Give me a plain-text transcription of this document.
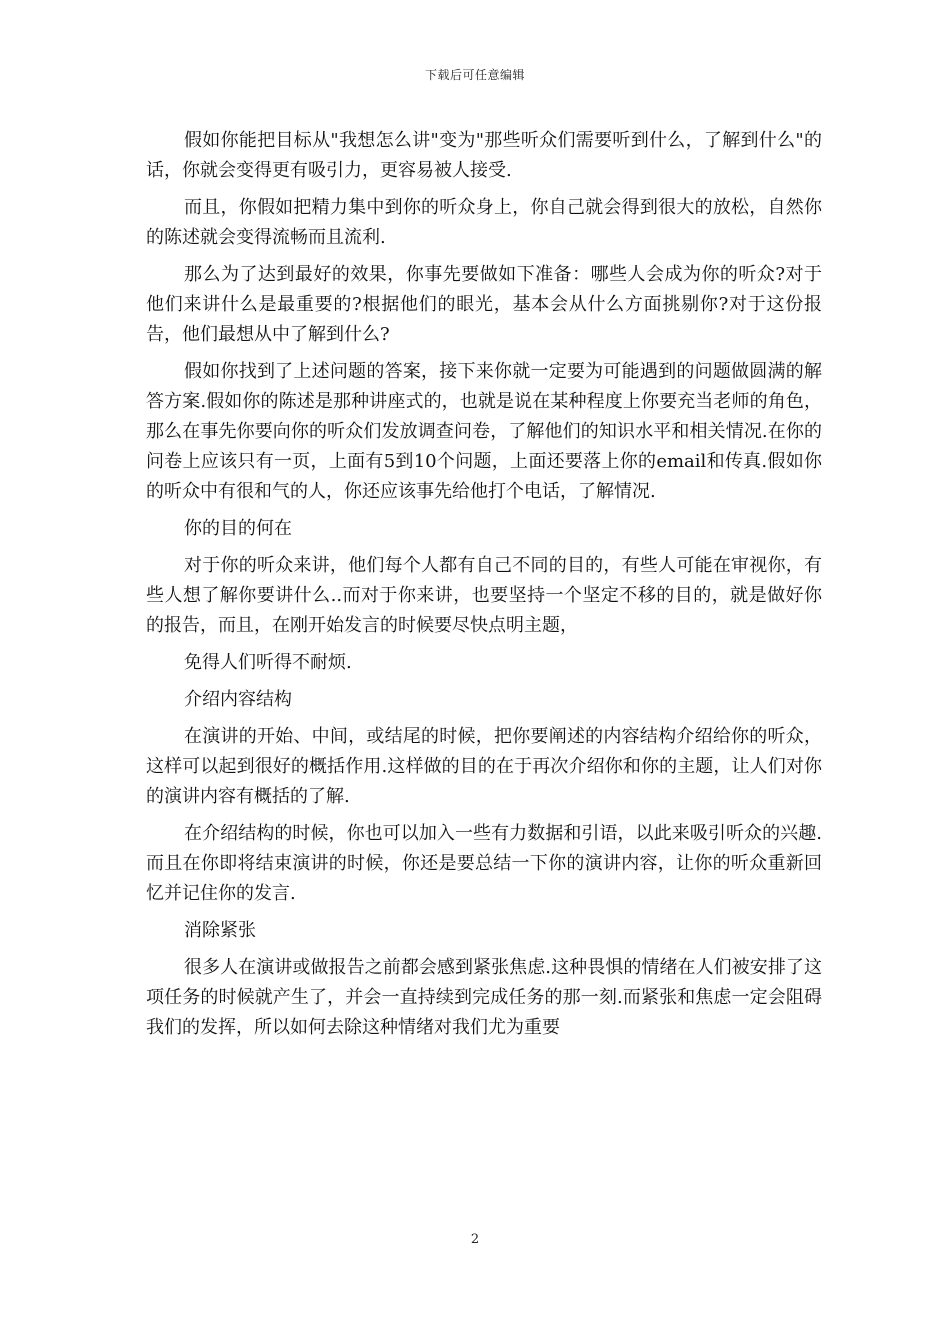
下载后可任意编辑

假如你能把目标从"我想怎么讲"变为"那些听众们需要听到什么，了解到什么"的话，你就会变得更有吸引力，更容易被人接受.

而且，你假如把精力集中到你的听众身上，你自己就会得到很大的放松，自然你的陈述就会变得流畅而且流利.

那么为了达到最好的效果，你事先要做如下准备：哪些人会成为你的听众?对于他们来讲什么是最重要的?根据他们的眼光，基本会从什么方面挑剔你?对于这份报告，他们最想从中了解到什么?

假如你找到了上述问题的答案，接下来你就一定要为可能遇到的问题做圆满的解答方案.假如你的陈述是那种讲座式的，也就是说在某种程度上你要充当老师的角色，那么在事先你要向你的听众们发放调查问卷，了解他们的知识水平和相关情况.在你的问卷上应该只有一页，上面有5到10个问题，上面还要落上你的email和传真.假如你的听众中有很和气的人，你还应该事先给他打个电话，了解情况.

你的目的何在

对于你的听众来讲，他们每个人都有自己不同的目的，有些人可能在审视你，有些人想了解你要讲什么..而对于你来讲，也要坚持一个坚定不移的目的，就是做好你的报告，而且，在刚开始发言的时候要尽快点明主题，

免得人们听得不耐烦.

介绍内容结构

在演讲的开始、中间，或结尾的时候，把你要阐述的内容结构介绍给你的听众，这样可以起到很好的概括作用.这样做的目的在于再次介绍你和你的主题，让人们对你的演讲内容有概括的了解.

在介绍结构的时候，你也可以加入一些有力数据和引语，以此来吸引听众的兴趣.而且在你即将结束演讲的时候，你还是要总结一下你的演讲内容，让你的听众重新回忆并记住你的发言.

消除紧张

很多人在演讲或做报告之前都会感到紧张焦虑.这种畏惧的情绪在人们被安排了这项任务的时候就产生了，并会一直持续到完成任务的那一刻.而紧张和焦虑一定会阻碍我们的发挥，所以如何去除这种情绪对我们尤为重要

2
